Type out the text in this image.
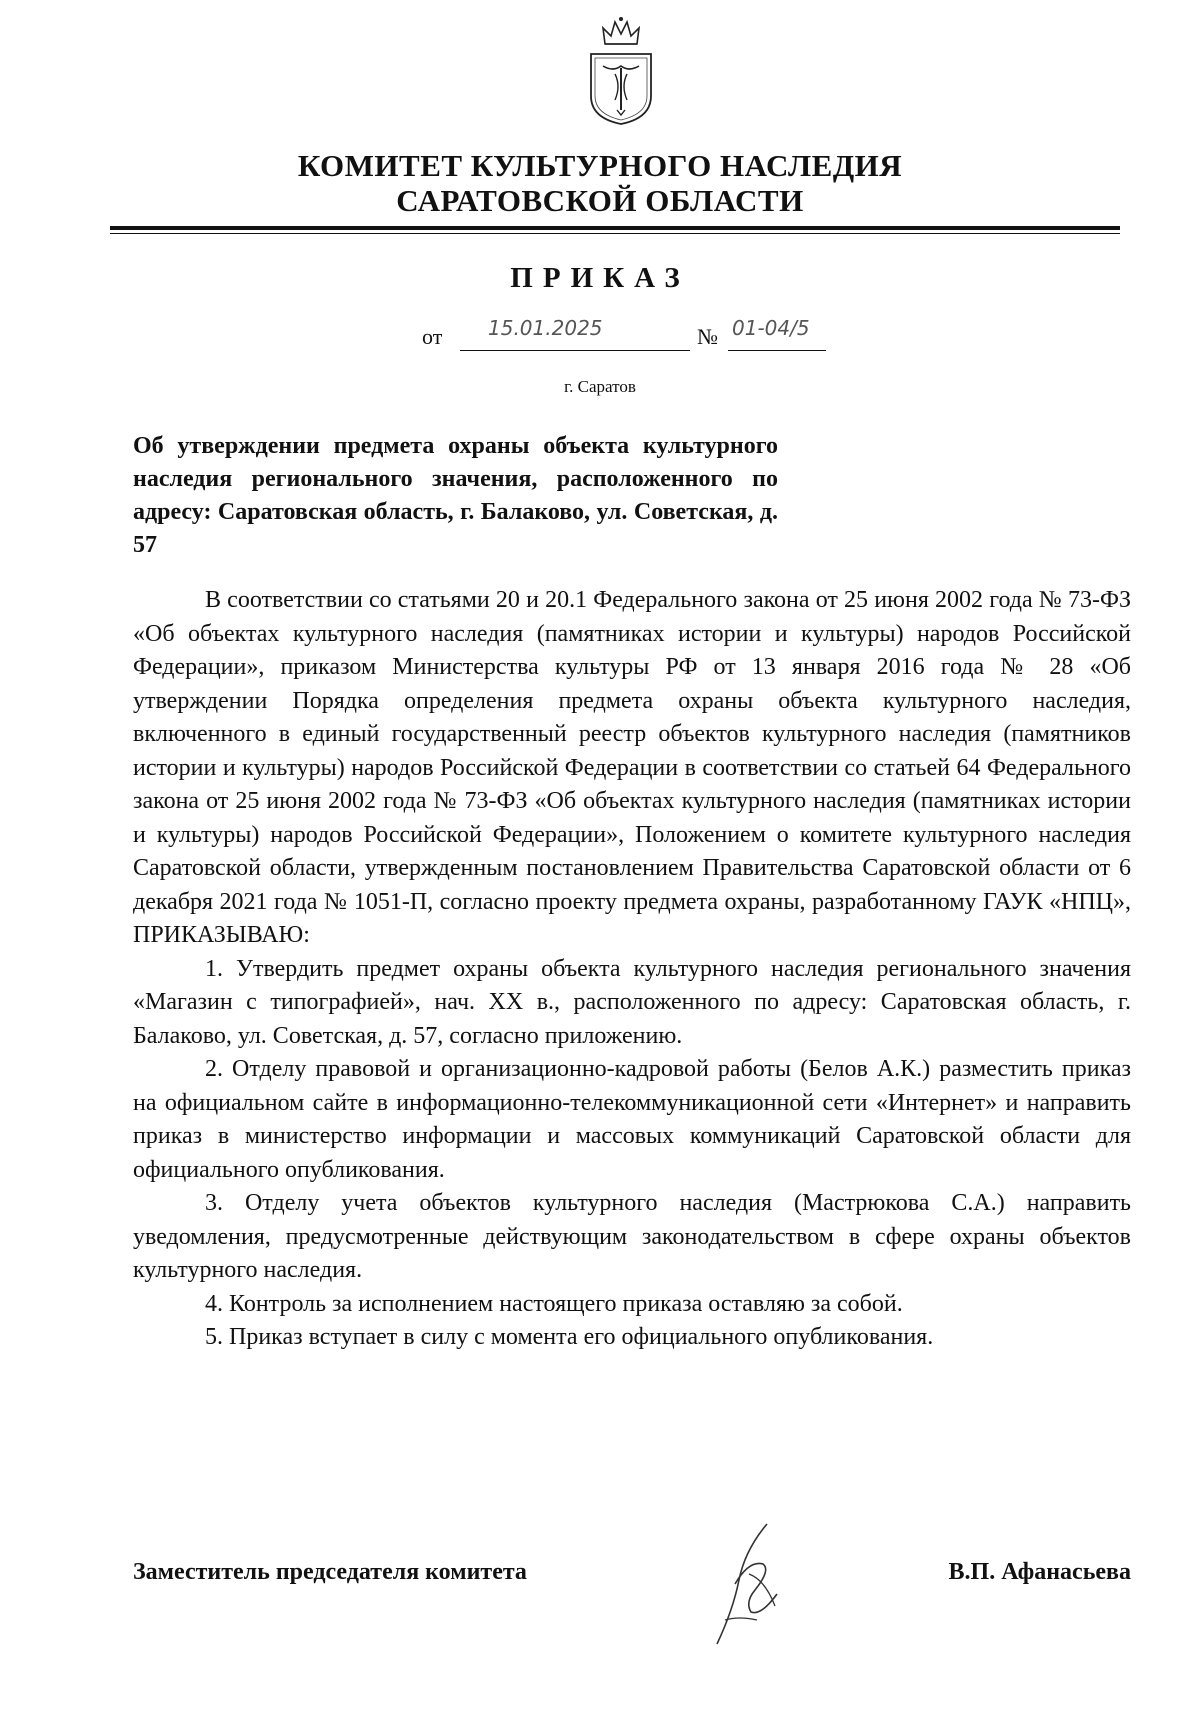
КОМИТЕТ КУЛЬТУРНОГО НАСЛЕДИЯ
САРАТОВСКОЙ ОБЛАСТИ
ПРИКАЗ
от 15.01.2025	№ 01-04/5
г. Саратов
Об утверждении предмета охраны объекта культурного наследия регионального значения, расположенного по адресу: Саратовская область, г. Балаково, ул. Советская, д. 57

В соответствии со статьями 20 и 20.1 Федерального закона от 25 июня 2002 года № 73-ФЗ «Об объектах культурного наследия (памятниках истории и культуры) народов Российской Федерации», приказом Министерства культуры РФ от 13 января 2016 года № 28 «Об утверждении Порядка определения предмета охраны объекта культурного наследия, включенного в единый государственный реестр объектов культурного наследия (памятников истории и культуры) народов Российской Федерации в соответствии со статьей 64 Федерального закона от 25 июня 2002 года № 73-ФЗ «Об объектах культурного наследия (памятниках истории и культуры) народов Российской Федерации», Положением о комитете культурного наследия Саратовской области, утвержденным постановлением Правительства Саратовской области от 6 декабря 2021 года № 1051-П, согласно проекту предмета охраны, разработанному ГАУК «НПЦ», ПРИКАЗЫВАЮ:

1. Утвердить предмет охраны объекта культурного наследия регионального значения «Магазин с типографией», нач. XX в., расположенного по адресу: Саратовская область, г. Балаково, ул. Советская, д. 57, согласно приложению.

2. Отделу правовой и организационно-кадровой работы (Белов А.К.) разместить приказ на официальном сайте в информационно-телекоммуникационной сети «Интернет» и направить приказ в министерство информации и массовых коммуникаций Саратовской области для официального опубликования.

3. Отделу учета объектов культурного наследия (Мастрюкова С.А.) направить уведомления, предусмотренные действующим законодательством в сфере охраны объектов культурного наследия.

4. Контроль за исполнением настоящего приказа оставляю за собой.

5. Приказ вступает в силу с момента его официального опубликования.

Заместитель председателя комитета	В.П. Афанасьева
